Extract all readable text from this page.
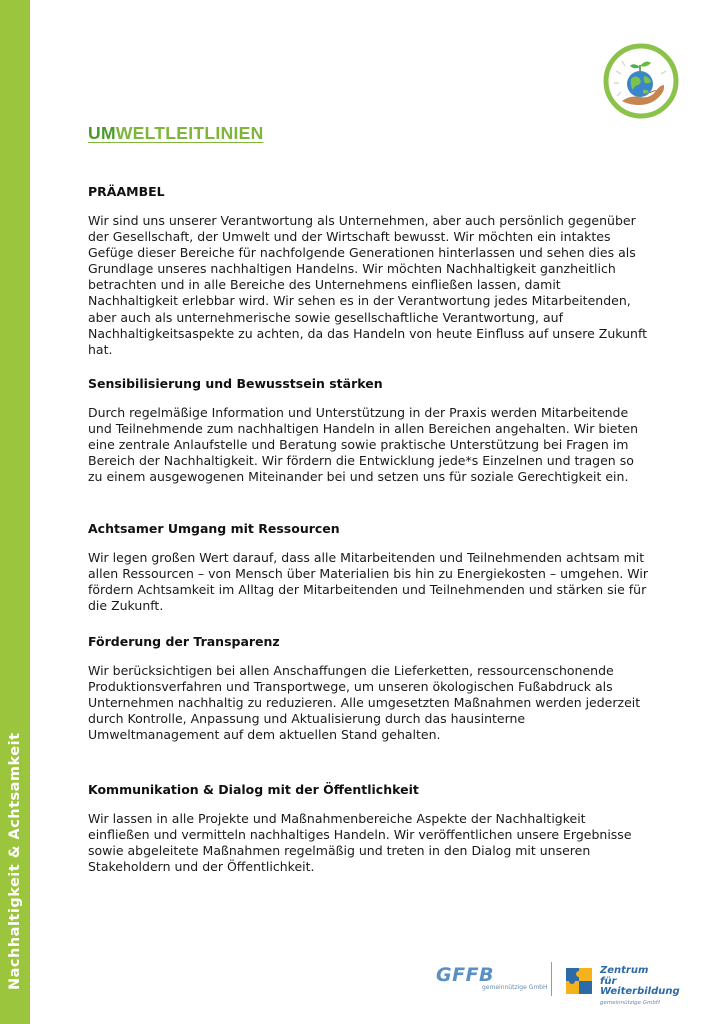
Nachhaltigkeit & Achtsamkeit
UMWELTLEITLINIEN
PRÄAMBEL
Wir sind uns unserer Verantwortung als Unternehmen, aber auch persönlich gegenüber der Gesellschaft, der Umwelt und der Wirtschaft bewusst. Wir möchten ein intaktes Gefüge dieser Bereiche für nachfolgende Generationen hinterlassen und sehen dies als Grundlage unseres nachhaltigen Handelns. Wir möchten Nachhaltigkeit ganzheitlich betrachten und in alle Bereiche des Unternehmens einfließen lassen, damit Nachhaltigkeit erlebbar wird. Wir sehen es in der Verantwortung jedes Mitarbeitenden, aber auch als unternehmerische sowie gesellschaftliche Verantwortung, auf Nachhaltigkeitsaspekte zu achten, da das Handeln von heute Einfluss auf unsere Zukunft hat.
Sensibilisierung und Bewusstsein stärken
Durch regelmäßige Information und Unterstützung in der Praxis werden Mitarbeitende und Teilnehmende zum nachhaltigen Handeln in allen Bereichen angehalten. Wir bieten eine zentrale Anlaufstelle und Beratung sowie praktische Unterstützung bei Fragen im Bereich der Nachhaltigkeit. Wir fördern die Entwicklung jede*s Einzelnen und tragen so zu einem ausgewogenen Miteinander bei und setzen uns für soziale Gerechtigkeit ein.
Achtsamer Umgang mit Ressourcen
Wir legen großen Wert darauf, dass alle Mitarbeitenden und Teilnehmenden achtsam mit allen Ressourcen – von Mensch über Materialien bis hin zu Energiekosten – umgehen. Wir fördern Achtsamkeit im Alltag der Mitarbeitenden und Teilnehmenden und stärken sie für die Zukunft.
Förderung der Transparenz
Wir berücksichtigen bei allen Anschaffungen die Lieferketten, ressourcenschonende Produktionsverfahren und Transportwege, um unseren ökologischen Fußabdruck als Unternehmen nachhaltig zu reduzieren. Alle umgesetzten Maßnahmen werden jederzeit durch Kontrolle, Anpassung und Aktualisierung durch das hausinterne Umweltmanagement auf dem aktuellen Stand gehalten.
Kommunikation & Dialog mit der Öffentlichkeit
Wir lassen in alle Projekte und Maßnahmenbereiche Aspekte der Nachhaltigkeit einfließen und vermitteln nachhaltiges Handeln. Wir veröffentlichen unsere Ergebnisse sowie abgeleitete Maßnahmen regelmäßig und treten in den Dialog mit unseren Stakeholdern und der Öffentlichkeit.
GFFB
gemeinnützige GmbH
Zentrum
für Weiterbildung
gemeinnützige GmbH
